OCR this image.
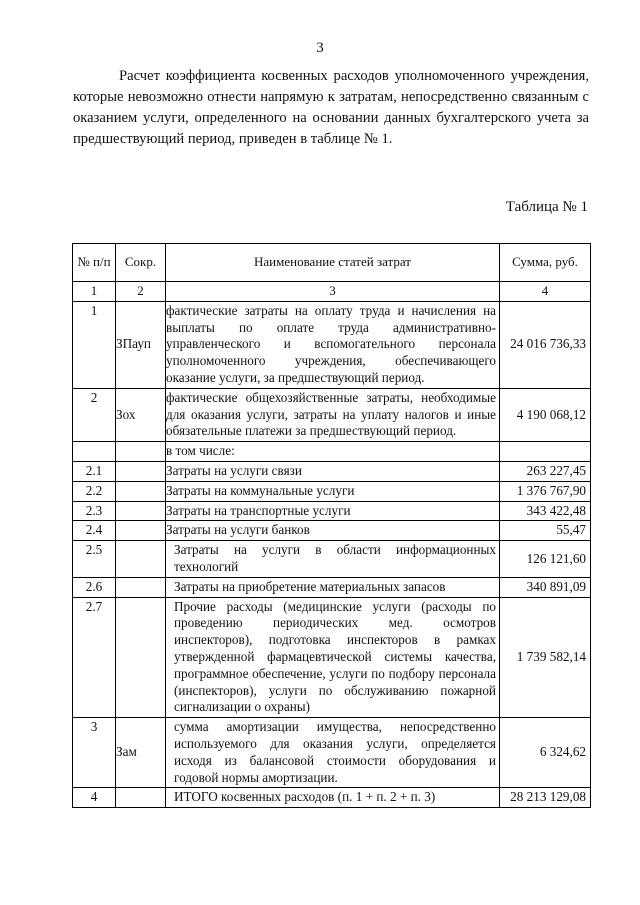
3

Расчет коэффициента косвенных расходов уполномоченного учреждения, которые невозможно отнести напрямую к затратам, непосредственно связанным с оказанием услуги, определенного на основании данных бухгалтерского учета за предшествующий период, приведен в таблице № 1.

Таблица № 1
№ п/п	Сокр.	Наименование статей затрат	Сумма, руб.
1	2	3	4
1	ЗПауп	фактические затраты на оплату труда и начисления на выплаты по оплате труда административно-управленческого и вспомогательного персонала уполномоченного учреждения, обеспечивающего оказание услуги, за предшествующий период.	24 016 736,33
2	Зох	фактические общехозяйственные затраты, необходимые для оказания услуги, затраты на уплату налогов и иные обязательные платежи за предшествующий период.	4 190 068,12
		в том числе:	
2.1		Затраты на услуги связи	263 227,45
2.2		Затраты на коммунальные услуги	1 376 767,90
2.3		Затраты на транспортные услуги	343 422,48
2.4		Затраты на услуги банков	55,47
2.5		Затраты на услуги в области информационных технологий	126 121,60
2.6		Затраты на приобретение материальных запасов	340 891,09
2.7		Прочие расходы (медицинские услуги (расходы по проведению периодических мед. осмотров инспекторов), подготовка инспекторов в рамках утвержденной фармацевтической системы качества, программное обеспечение, услуги по подбору персонала (инспекторов), услуги по обслуживанию пожарной сигнализации о охраны)	1 739 582,14
3	Зам	сумма амортизации имущества, непосредственно используемого для оказания услуги, определяется исходя из балансовой стоимости оборудования и годовой нормы амортизации.	6 324,62
4		ИТОГО косвенных расходов (п. 1 + п. 2 + п. 3)	28 213 129,08
